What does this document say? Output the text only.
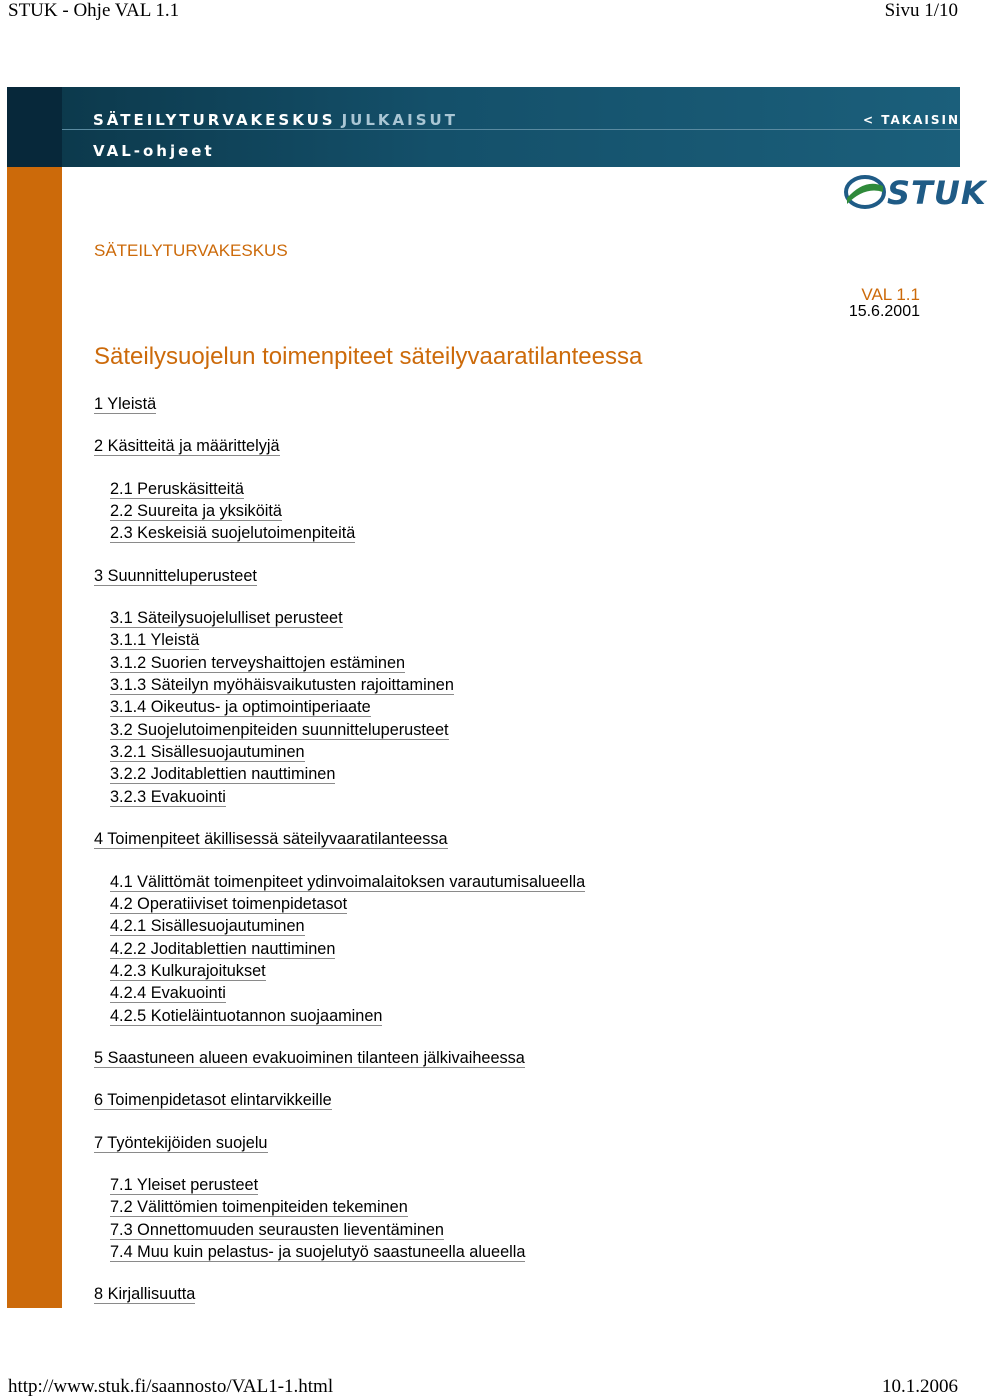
STUK - Ohje VAL 1.1	Sivu 1/10
SÄTEILYTURVAKESKUS JULKAISUT	< TAKAISIN
VAL-ohjeet
STUK
SÄTEILYTURVAKESKUS
VAL 1.1
15.6.2001
Säteilysuojelun toimenpiteet säteilyvaaratilanteessa
1 Yleistä
2 Käsitteitä ja määrittelyjä
2.1 Peruskäsitteitä
2.2 Suureita ja yksiköitä
2.3 Keskeisiä suojelutoimenpiteitä
3 Suunnitteluperusteet
3.1 Säteilysuojelulliset perusteet
3.1.1 Yleistä
3.1.2 Suorien terveyshaittojen estäminen
3.1.3 Säteilyn myöhäisvaikutusten rajoittaminen
3.1.4 Oikeutus- ja optimointiperiaate
3.2 Suojelutoimenpiteiden suunnitteluperusteet
3.2.1 Sisällesuojautuminen
3.2.2 Joditablettien nauttiminen
3.2.3 Evakuointi
4 Toimenpiteet äkillisessä säteilyvaaratilanteessa
4.1 Välittömät toimenpiteet ydinvoimalaitoksen varautumisalueella
4.2 Operatiiviset toimenpidetasot
4.2.1 Sisällesuojautuminen
4.2.2 Joditablettien nauttiminen
4.2.3 Kulkurajoitukset
4.2.4 Evakuointi
4.2.5 Kotieläintuotannon suojaaminen
5 Saastuneen alueen evakuoiminen tilanteen jälkivaiheessa
6 Toimenpidetasot elintarvikkeille
7 Työntekijöiden suojelu
7.1 Yleiset perusteet
7.2 Välittömien toimenpiteiden tekeminen
7.3 Onnettomuuden seurausten lieventäminen
7.4 Muu kuin pelastus- ja suojelutyö saastuneella alueella
8 Kirjallisuutta
http://www.stuk.fi/saannosto/VAL1-1.html	10.1.2006
